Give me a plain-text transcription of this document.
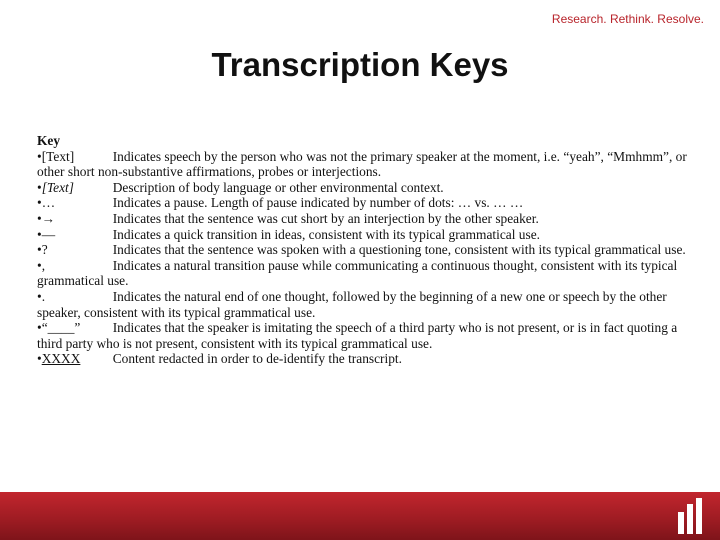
Research. Rethink. Resolve.
Transcription Keys
Key
•[Text]	Indicates speech by the person who was not the primary speaker at the moment, i.e. “yeah”, “Mmhmm”, or other short non-substantive affirmations, probes or interjections.
•[Text]	Description of body language or other environmental context.
•…	Indicates a pause. Length of pause indicated by number of dots: … vs. … …
•→	Indicates that the sentence was cut short by an interjection by the other speaker.
•—	Indicates a quick transition in ideas, consistent with its typical grammatical use.
•?	Indicates that the sentence was spoken with a questioning tone, consistent with its typical grammatical use.
•,	Indicates a natural transition pause while communicating a continuous thought, consistent with its typical grammatical use.
•.	Indicates the natural end of one thought, followed by the beginning of a new one or speech by the other speaker, consistent with its typical grammatical use.
•“____” Indicates that the speaker is imitating the speech of a third party who is not present, or is in fact quoting a third party who is not present, consistent with its typical grammatical use.
•XXXX Content redacted in order to de-identify the transcript.
